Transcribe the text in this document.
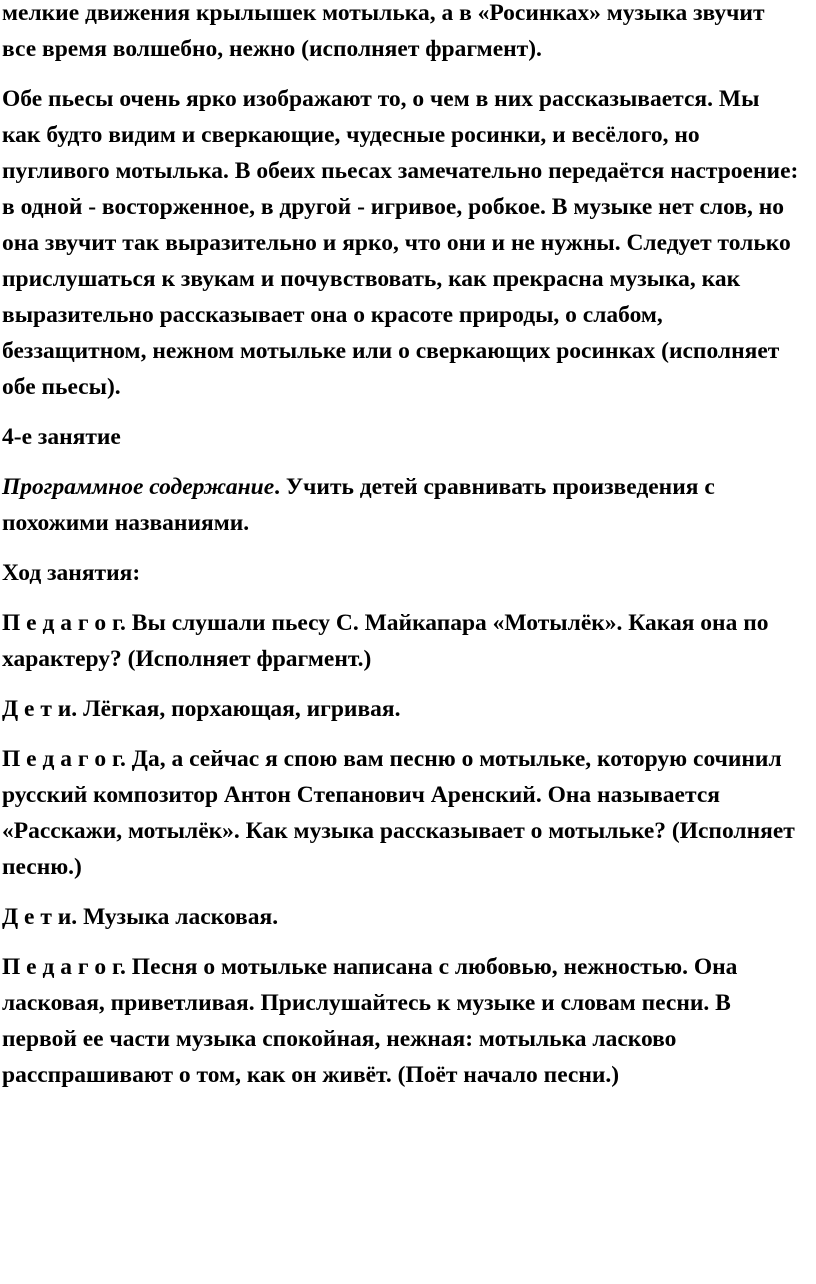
мелкие движения крылышек мотылька, а в «Росинках» музыка звучит все время волшебно, нежно (исполняет фрагмент).

Обе пьесы очень ярко изображают то, о чем в них рассказывается. Мы как будто видим и сверкающие, чудесные росинки, и весёлого, но пугливого мотылька. В обеих пьесах замечательно передаётся настроение: в одной - восторженное, в другой - игривое, робкое. В музыке нет слов, но она звучит так выразительно и ярко, что они и не нужны. Следует только прислушаться к звукам и почувствовать, как прекрасна музыка, как выразительно рассказывает она о красоте природы, о слабом, беззащитном, нежном мотыльке или о сверкающих росинках (исполняет обе пьесы).

4-е занятие

Программное содержание. Учить детей сравнивать произведения с похожими названиями.

Ход занятия:

П е д а г о г. Вы слушали пьесу С. Майкапара «Мотылёк». Какая она по характеру? (Исполняет фрагмент.)

Д е т и. Лёгкая, порхающая, игривая.

П е д а г о г. Да, а сейчас я спою вам песню о мотыльке, которую сочинил русский композитор Антон Степанович Аренский. Она называется «Расскажи, мотылёк». Как музыка рассказывает о мотыльке? (Исполняет песню.)

Д е т и. Музыка ласковая.

П е д а г о г. Песня о мотыльке написана с любовью, нежностью. Она ласковая, приветливая. Прислушайтесь к музыке и словам песни. В первой ее части музыка спокойная, нежная: мотылька ласково расспрашивают о том, как он живёт. (Поёт начало песни.)
